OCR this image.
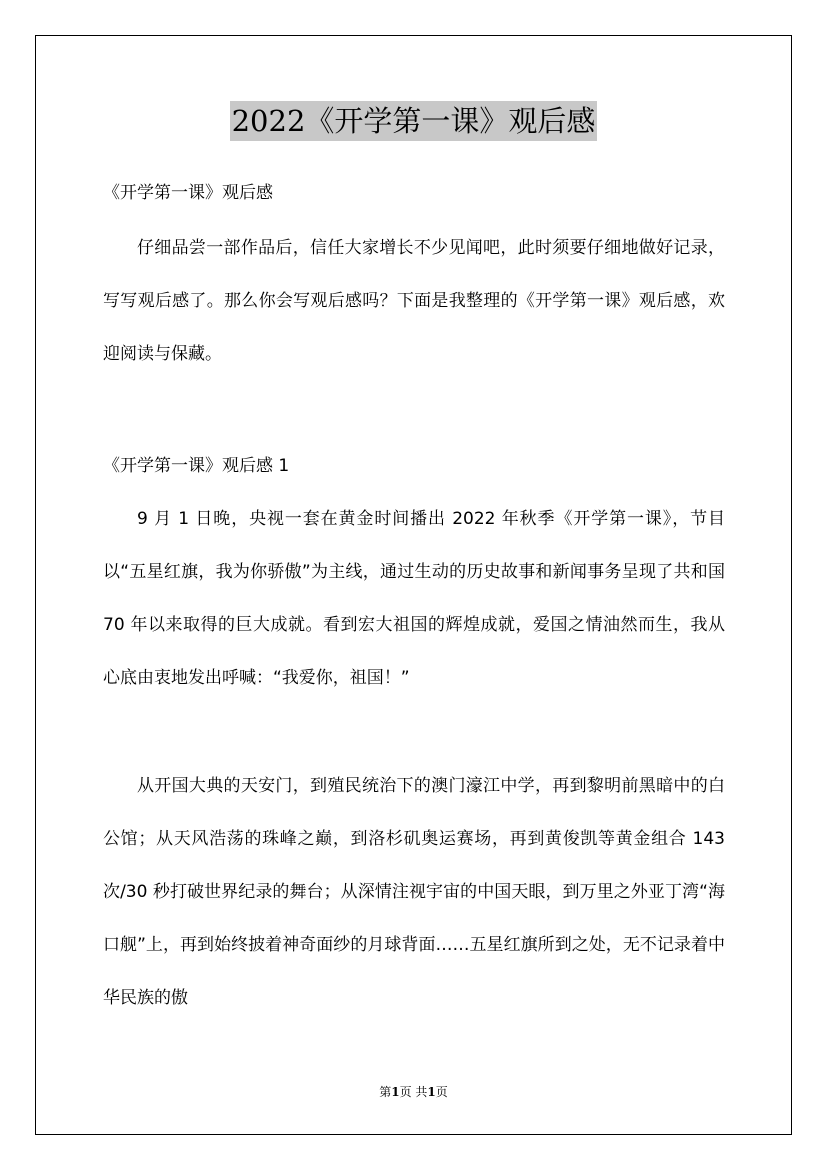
2022《开学第一课》观后感

《开学第一课》观后感

仔细品尝一部作品后，信任大家增长不少见闻吧，此时须要仔细地做好记录，写写观后感了。那么你会写观后感吗？下面是我整理的《开学第一课》观后感，欢迎阅读与保藏。

《开学第一课》观后感 1

9 月 1 日晚，央视一套在黄金时间播出 2022 年秋季《开学第一课》，节目以“五星红旗，我为你骄傲”为主线，通过生动的历史故事和新闻事务呈现了共和国 70 年以来取得的巨大成就。看到宏大祖国的辉煌成就，爱国之情油然而生，我从心底由衷地发出呼喊：“我爱你，祖国！”

从开国大典的天安门，到殖民统治下的澳门濠江中学，再到黎明前黑暗中的白公馆；从天风浩荡的珠峰之巅，到洛杉矶奥运赛场，再到黄俊凯等黄金组合 143 次/30 秒打破世界纪录的舞台；从深情注视宇宙的中国天眼，到万里之外亚丁湾“海口舰”上，再到始终披着神奇面纱的月球背面……五星红旗所到之处，无不记录着中华民族的傲

第1页 共1页
